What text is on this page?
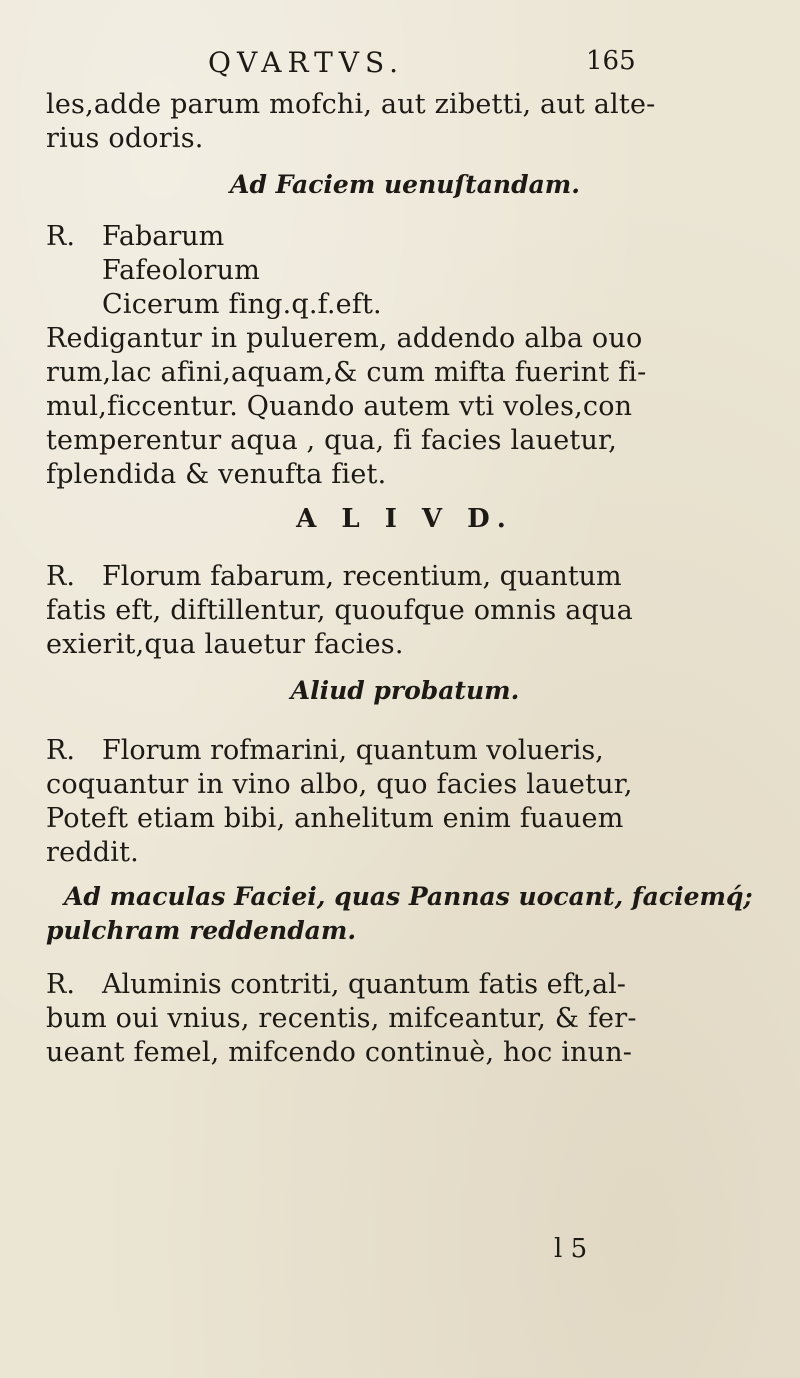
QVARTVS.	165
les,adde parum mofchi, aut zibetti, aut alte-
rius odoris.
Ad Faciem uenuſtandam.
R.	Fabarum
Fafeolorum
Cicerum fing.q.f.eft.
Redigantur in puluerem, addendo alba ouo
rum,lac afini,aquam,& cum mifta fuerint fi-
mul,ficcentur. Quando autem vti voles,con
temperentur aqua , qua, fi facies lauetur,
fplendida & venufta fiet.
A L I V D.
R.	Florum fabarum, recentium, quantum
fatis eft, diftillentur, quoufque omnis aqua
exierit,qua lauetur facies.
Aliud probatum.
R.	Florum rofmarini, quantum volueris,
coquantur in vino albo, quo facies lauetur,
Poteft etiam bibi, anhelitum enim fuauem
reddit.
Ad maculas Faciei, quas Pannas uocant, faciemq́;
pulchram reddendam.
R.	Aluminis contriti, quantum fatis eft,al-
bum oui vnius, recentis, mifceantur, & fer-
ueant femel, mifcendo continuè, hoc inun-
l 5
